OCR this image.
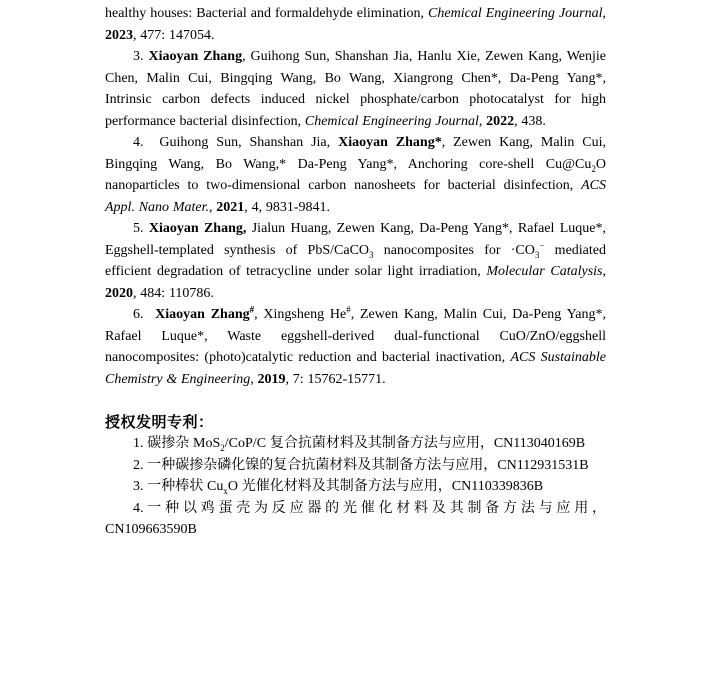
healthy houses: Bacterial and formaldehyde elimination, Chemical Engineering Journal, 2023, 477: 147054.

3. Xiaoyan Zhang, Guihong Sun, Shanshan Jia, Hanlu Xie, Zewen Kang, Wenjie Chen, Malin Cui, Bingqing Wang, Bo Wang, Xiangrong Chen*, Da-Peng Yang*, Intrinsic carbon defects induced nickel phosphate/carbon photocatalyst for high performance bacterial disinfection, Chemical Engineering Journal, 2022, 438.

4.  Guihong Sun, Shanshan Jia, Xiaoyan Zhang*, Zewen Kang, Malin Cui, Bingqing Wang, Bo Wang,* Da-Peng Yang*, Anchoring core-shell $Cu@Cu_2O$ nanoparticles to two-dimensional carbon nanosheets for bacterial disinfection, ACS Appl. Nano Mater., 2021, 4, 9831-9841.

5. Xiaoyan Zhang, Jialun Huang, Zewen Kang, Da-Peng Yang*, Rafael Luque*, Eggshell-templated synthesis of PbS/CaCO$_3$ nanocomposites for $\cdot CO_3^-$ mediated efficient degradation of tetracycline under solar light irradiation, Molecular Catalysis, 2020, 484: 110786.

6.  Xiaoyan Zhang#, Xingsheng He#, Zewen Kang, Malin Cui, Da-Peng Yang*, Rafael Luque*, Waste eggshell-derived dual-functional CuO/ZnO/eggshell nanocomposites: (photo)catalytic reduction and bacterial inactivation, ACS Sustainable Chemistry & Engineering, 2019, 7: 15762-15771.

授权发明专利：

1. 碳掺杂 MoS$_2$/CoP/C 复合抗菌材料及其制备方法与应用，CN113040169B

2. 一种碳掺杂磷化镍的复合抗菌材料及其制备方法与应用，CN112931531B

3. 一种棒状 $Cu_xO$ 光催化材料及其制备方法与应用，CN110339836B

4. 一 种 以 鸡 蛋 壳 为 反 应 器 的 光 催 化 材 料 及 其 制 备 方 法 与 应 用 ，

CN109663590B
